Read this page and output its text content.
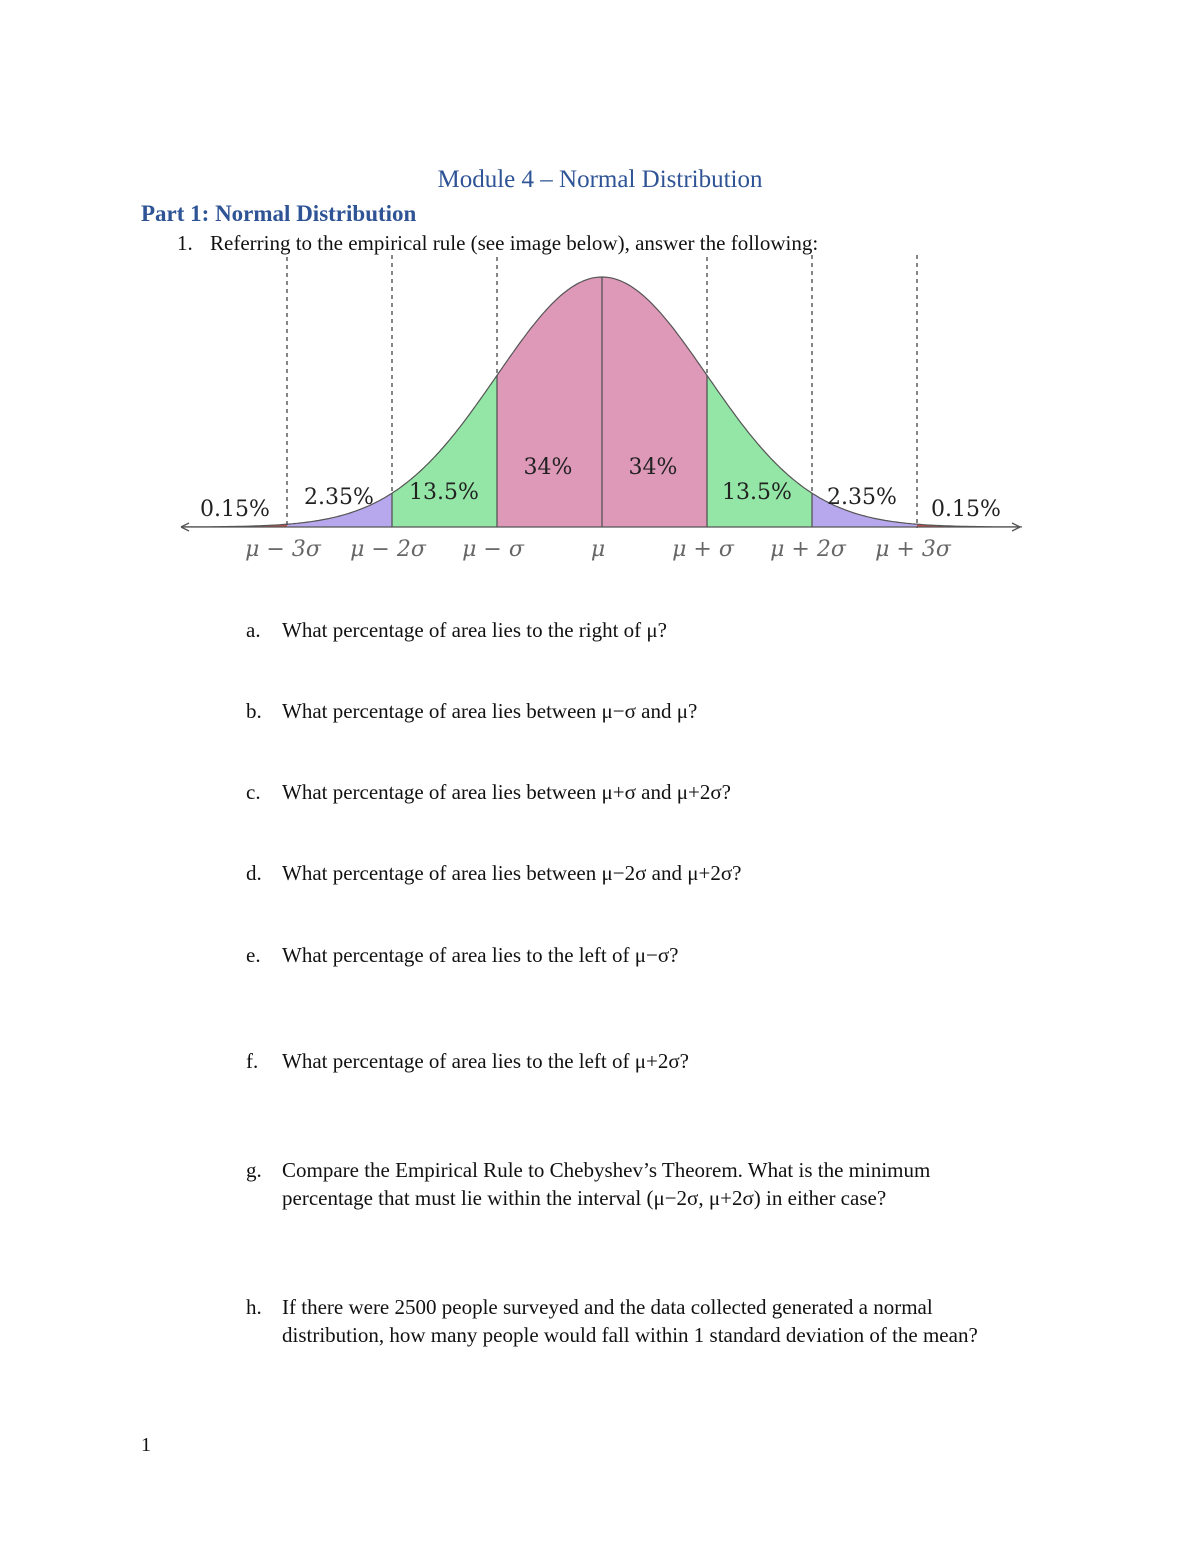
Module 4 – Normal Distribution
Part 1: Normal Distribution
1. Referring to the empirical rule (see image below), answer the following:
0.15% 2.35% 13.5%
34%	34%
13.5% 2.35% 0.15%
μ − 3σ μ − 2σ μ − σ	μ	μ + σ μ + 2σ μ + 3σ
a.	What percentage of area lies to the right of μ?
b. What percentage of area lies between μ−σ and μ?
c.	What percentage of area lies between μ+σ and μ+2σ?
d. What percentage of area lies between μ−2σ and μ+2σ?
e.	What percentage of area lies to the left of μ−σ?
f.	What percentage of area lies to the left of μ+2σ?
g. Compare the Empirical Rule to Chebyshev’s Theorem. What is the minimum percentage that must lie within the interval (μ−2σ, μ+2σ) in either case?
h. If there were 2500 people surveyed and the data collected generated a normal distribution, how many people would fall within 1 standard deviation of the mean?
1
